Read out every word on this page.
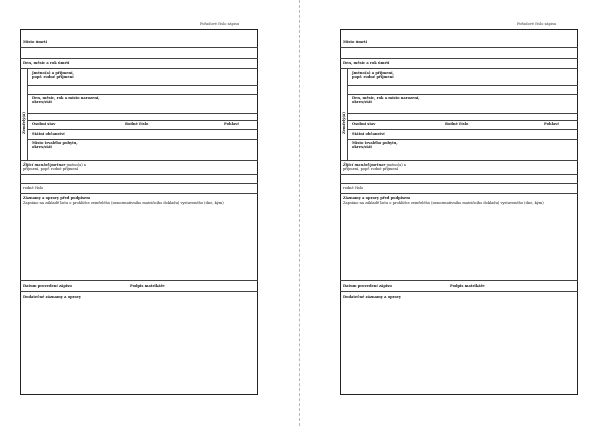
Pořadové číslo zápisu
Místo úmrtí
Den, měsíc a rok úmrtí
Zemřelý(á)
Jméno(a) a příjmení,
popř. rodné příjmení
Den, měsíc, rok a místo narození,
okres/stát
Osobní stav	Rodné číslo	Pohlaví
Státní občanství
Místo trvalého pobytu,
okres/stát
Žijící manžel/partner jméno(a) a
příjmení, popř. rodné příjmení
rodné číslo
Záznamy a opravy před podpisem
Zapsáno na základě listu o prohlídce zemřelého (nenormativního matričního dokladu) vystaveného (dne, kým)
Datum provedení zápisu	Podpis matrikáře
Dodatečné záznamy a opravy
Pořadové číslo zápisu
Místo úmrtí
Den, měsíc a rok úmrtí
Zemřelý(á)
Jméno(a) a příjmení,
popř. rodné příjmení
Den, měsíc, rok a místo narození,
okres/stát
Osobní stav	Rodné číslo	Pohlaví
Státní občanství
Místo trvalého pobytu,
okres/stát
Žijící manžel/partner jméno(a) a
příjmení, popř. rodné příjmení
rodné číslo
Záznamy a opravy před podpisem
Zapsáno na základě listu o prohlídce zemřelého (nenormativního matričního dokladu) vystaveného (dne, kým)
Datum provedení zápisu	Podpis matrikáře
Dodatečné záznamy a opravy
